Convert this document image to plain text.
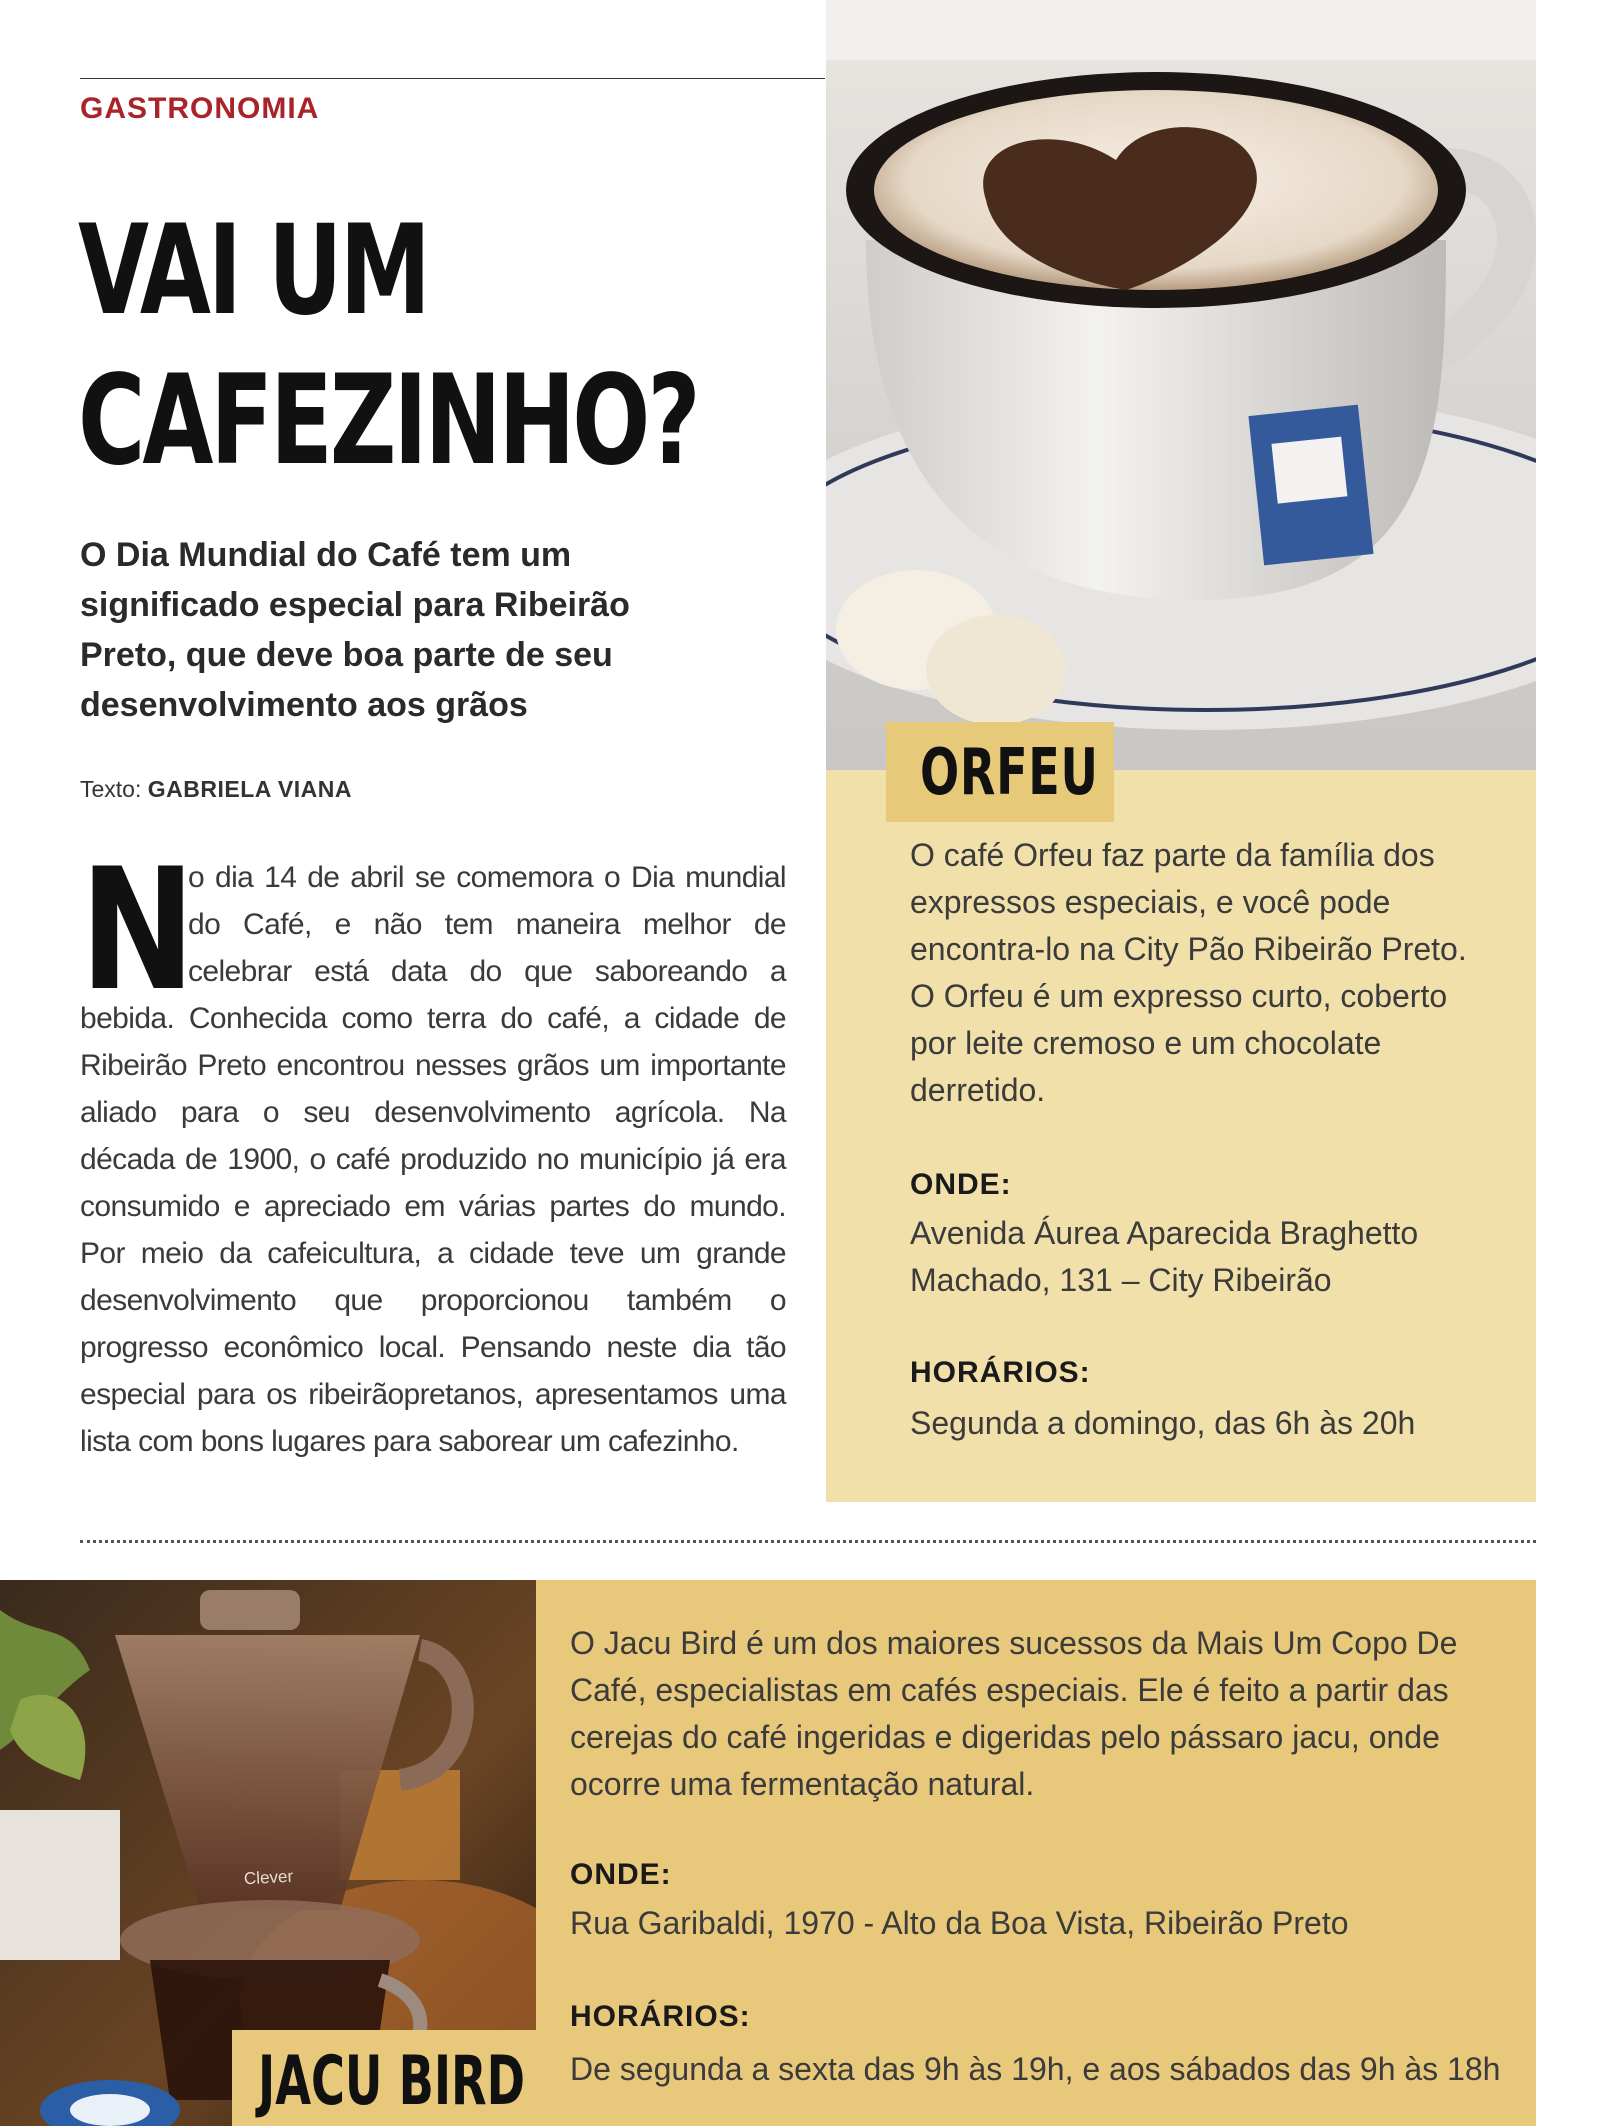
GASTRONOMIA
VAI UM
CAFEZINHO?
O Dia Mundial do Café tem um significado especial para Ribeirão Preto, que deve boa parte de seu desenvolvimento aos grãos
Texto: GABRIELA VIANA
N
o dia 14 de abril se comemora o Dia mundial do Café, e não tem maneira melhor de celebrar está data do que saboreando a bebida. Conhecida como terra do café, a cidade de Ribeirão Preto encontrou nesses grãos um importante aliado para o seu desenvolvimento agrícola. Na década de 1900, o café produzido no município já era consumido e apreciado em várias partes do mundo. Por meio da cafeicultura, a cidade teve um grande desenvolvimento que proporcionou também o progresso econômico local. Pensando neste dia tão especial para os ribeirãopretanos, apresentamos uma lista com bons lugares para saborear um cafezinho.
ORFEU
O café Orfeu faz parte da família dos expressos especiais, e você pode encontra-lo na City Pão Ribeirão Preto. O Orfeu é um expresso curto, coberto por leite cremoso e um chocolate derretido.
ONDE:
Avenida Áurea Aparecida Braghetto Machado, 131 – City Ribeirão
HORÁRIOS:
Segunda a domingo, das 6h às 20h
Clever
JACU BIRD
O Jacu Bird é um dos maiores sucessos da Mais Um Copo De Café, especialistas em cafés especiais. Ele é feito a partir das cerejas do café ingeridas e digeridas pelo pássaro jacu, onde ocorre uma fermentação natural.
ONDE:
Rua Garibaldi, 1970 - Alto da Boa Vista, Ribeirão Preto
HORÁRIOS:
De segunda a sexta das 9h às 19h, e aos sábados das 9h às 18h
